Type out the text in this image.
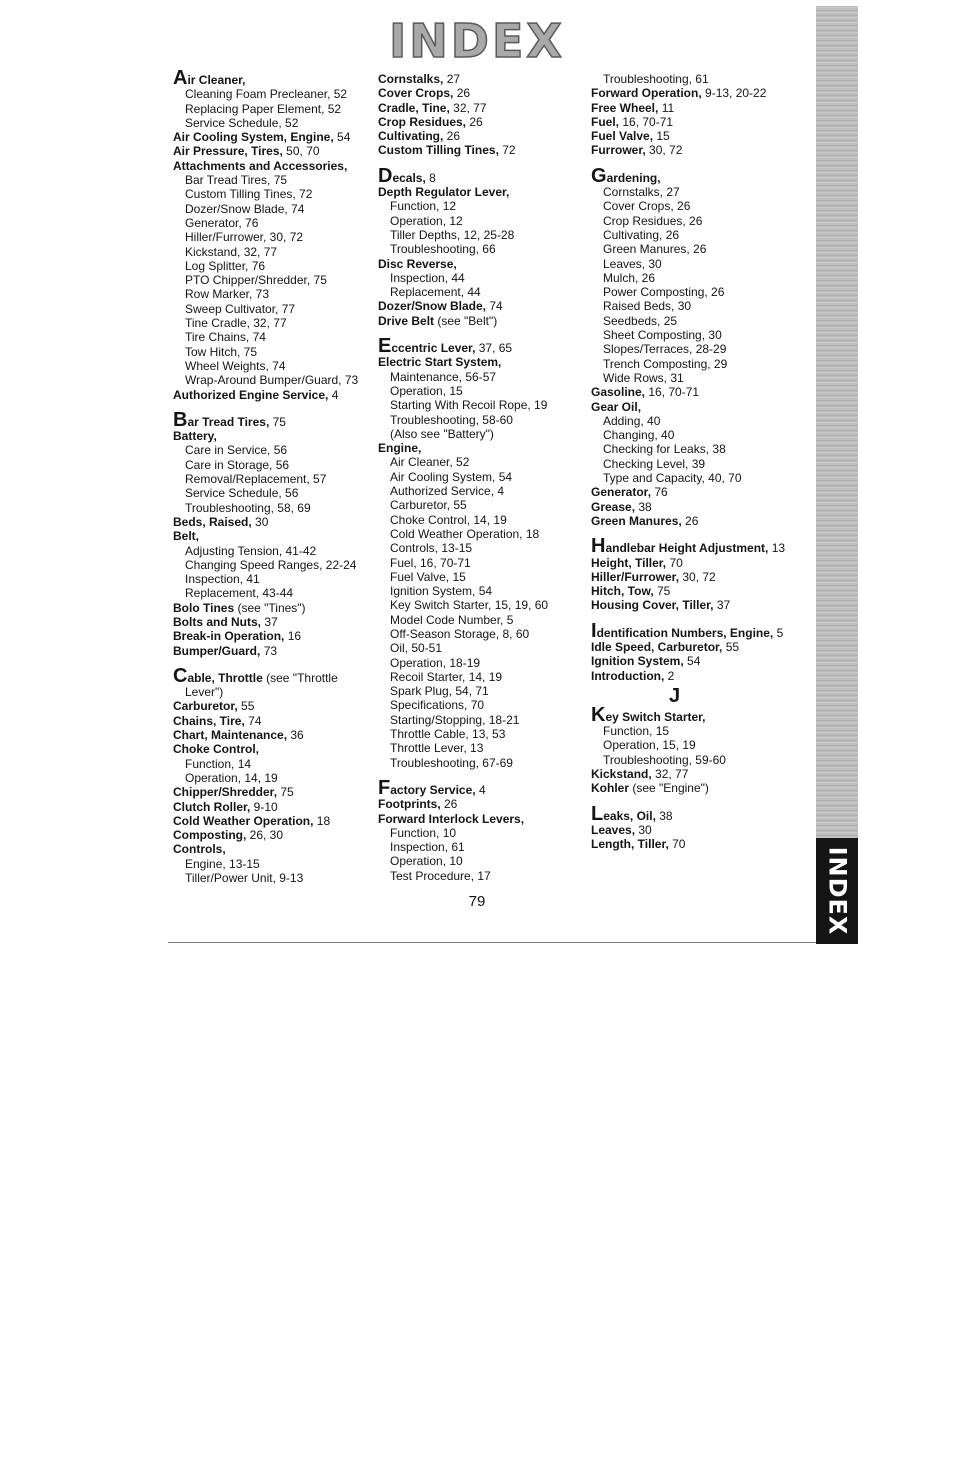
INDEX
INDEX
Air Cleaner,
Cleaning Foam Precleaner, 52
Replacing Paper Element, 52
Service Schedule, 52
Air Cooling System, Engine, 54
Air Pressure, Tires, 50, 70
Attachments and Accessories,
Bar Tread Tires, 75
Custom Tilling Tines, 72
Dozer/Snow Blade, 74
Generator, 76
Hiller/Furrower, 30, 72
Kickstand, 32, 77
Log Splitter, 76
PTO Chipper/Shredder, 75
Row Marker, 73
Sweep Cultivator, 77
Tine Cradle, 32, 77
Tire Chains, 74
Tow Hitch, 75
Wheel Weights, 74
Wrap-Around Bumper/Guard, 73
Authorized Engine Service, 4
Bar Tread Tires, 75
Battery,
Care in Service, 56
Care in Storage, 56
Removal/Replacement, 57
Service Schedule, 56
Troubleshooting, 58, 69
Beds, Raised, 30
Belt,
Adjusting Tension, 41-42
Changing Speed Ranges, 22-24
Inspection, 41
Replacement, 43-44
Bolo Tines (see "Tines")
Bolts and Nuts, 37
Break-in Operation, 16
Bumper/Guard, 73
Cable, Throttle (see "Throttle
Lever")
Carburetor, 55
Chains, Tire, 74
Chart, Maintenance, 36
Choke Control,
Function, 14
Operation, 14, 19
Chipper/Shredder, 75
Clutch Roller, 9-10
Cold Weather Operation, 18
Composting, 26, 30
Controls,
Engine, 13-15
Tiller/Power Unit, 9-13
Cornstalks, 27
Cover Crops, 26
Cradle, Tine, 32, 77
Crop Residues, 26
Cultivating, 26
Custom Tilling Tines, 72
Decals, 8
Depth Regulator Lever,
Function, 12
Operation, 12
Tiller Depths, 12, 25-28
Troubleshooting, 66
Disc Reverse,
Inspection, 44
Replacement, 44
Dozer/Snow Blade, 74
Drive Belt (see "Belt")
Eccentric Lever, 37, 65
Electric Start System,
Maintenance, 56-57
Operation, 15
Starting With Recoil Rope, 19
Troubleshooting, 58-60
(Also see "Battery")
Engine,
Air Cleaner, 52
Air Cooling System, 54
Authorized Service, 4
Carburetor, 55
Choke Control, 14, 19
Cold Weather Operation, 18
Controls, 13-15
Fuel, 16, 70-71
Fuel Valve, 15
Ignition System, 54
Key Switch Starter, 15, 19, 60
Model Code Number, 5
Off-Season Storage, 8, 60
Oil, 50-51
Operation, 18-19
Recoil Starter, 14, 19
Spark Plug, 54, 71
Specifications, 70
Starting/Stopping, 18-21
Throttle Cable, 13, 53
Throttle Lever, 13
Troubleshooting, 67-69
Factory Service, 4
Footprints, 26
Forward Interlock Levers,
Function, 10
Inspection, 61
Operation, 10
Test Procedure, 17
Troubleshooting, 61
Forward Operation, 9-13, 20-22
Free Wheel, 11
Fuel, 16, 70-71
Fuel Valve, 15
Furrower, 30, 72
Gardening,
Cornstalks, 27
Cover Crops, 26
Crop Residues, 26
Cultivating, 26
Green Manures, 26
Leaves, 30
Mulch, 26
Power Composting, 26
Raised Beds, 30
Seedbeds, 25
Sheet Composting, 30
Slopes/Terraces, 28-29
Trench Composting, 29
Wide Rows, 31
Gasoline, 16, 70-71
Gear Oil,
Adding, 40
Changing, 40
Checking for Leaks, 38
Checking Level, 39
Type and Capacity, 40, 70
Generator, 76
Grease, 38
Green Manures, 26
Handlebar Height Adjustment, 13
Height, Tiller, 70
Hiller/Furrower, 30, 72
Hitch, Tow, 75
Housing Cover, Tiller, 37
Identification Numbers, Engine, 5
Idle Speed, Carburetor, 55
Ignition System, 54
Introduction, 2
J
Key Switch Starter,
Function, 15
Operation, 15, 19
Troubleshooting, 59-60
Kickstand, 32, 77
Kohler (see "Engine")
Leaks, Oil, 38
Leaves, 30
Length, Tiller, 70
79
